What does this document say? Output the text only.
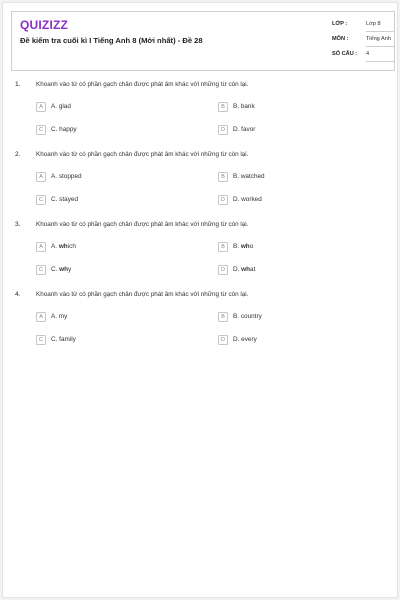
QUIZIZZ
Đề kiểm tra cuối kì I Tiếng Anh 8 (Mới nhất) - Đề 28
LỚP :	Lớp 8
MÔN :	Tiếng Anh
SỐ CÂU : 4
1. Khoanh vào từ có phần gạch chân được phát âm khác với những từ còn lại.
A	A. glad	B	B. bank
C	C. happy	D	D. favor
2. Khoanh vào từ có phần gạch chân được phát âm khác với những từ còn lại.
A	A. stopped	B	B. watched
C	C. stayed	D	D. worked
3. Khoanh vào từ có phần gạch chân được phát âm khác với những từ còn lại.
A	A. which	B	B. who
C	C. why	D	D. what
4. Khoanh vào từ có phần gạch chân được phát âm khác với những từ còn lại.
A	A. my	B	B. country
C	C. family	D	D. every
